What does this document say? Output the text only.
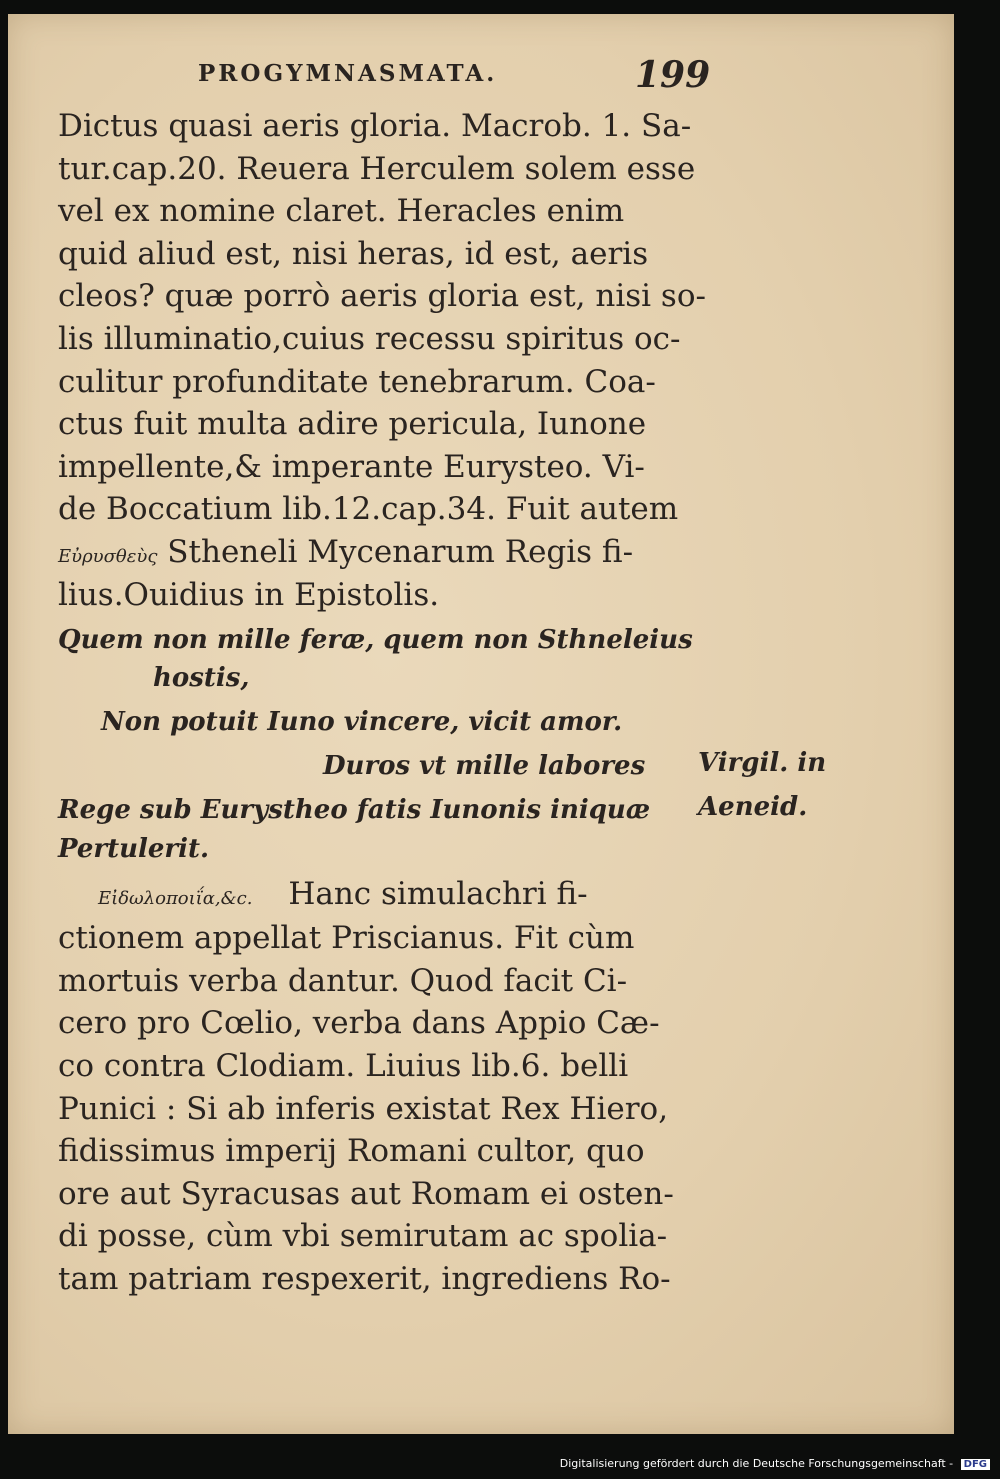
PROGYMNASMATA.	199
Dictus quasi aeris gloria. Macrob. 1. Sa-
tur.cap.20. Reuera Herculem solem esse
vel ex nomine claret. Heracles enim
quid aliud est, nisi heras, id est, aeris
cleos? quæ porrò aeris gloria est, nisi so-
lis illuminatio,cuius recessu spiritus oc-
culitur profunditate tenebrarum. Coa-
ctus fuit multa adire pericula, Iunone
impellente,& imperante Eurysteo. Vi-
de Boccatium lib.12.cap.34. Fuit autem
Εὐρυσθεὺς Stheneli Mycenarum Regis fi-
lius.Ouidius in Epistolis.
Quem non mille feræ, quem non Sthneleius
hostis,
Non potuit Iuno vincere, vicit amor.
Duros vt mille labores
Rege sub Eurystheo fatis Iunonis iniquæ
Pertulerit.
Virgil. in
Aeneid.
Εἰδωλοποιΐα,&c. Hanc simulachri fi-
ctionem appellat Priscianus. Fit cùm
mortuis verba dantur. Quod facit Ci-
cero pro Cœlio, verba dans Appio Cæ-
co contra Clodiam. Liuius lib.6. belli
Punici : Si ab inferis existat Rex Hiero,
fidissimus imperij Romani cultor, quo
ore aut Syracusas aut Romam ei osten-
di posse, cùm vbi semirutam ac spolia-
tam patriam respexerit, ingrediens Ro-
Digitalisierung gefördert durch die Deutsche Forschungsgemeinschaft - DFG
